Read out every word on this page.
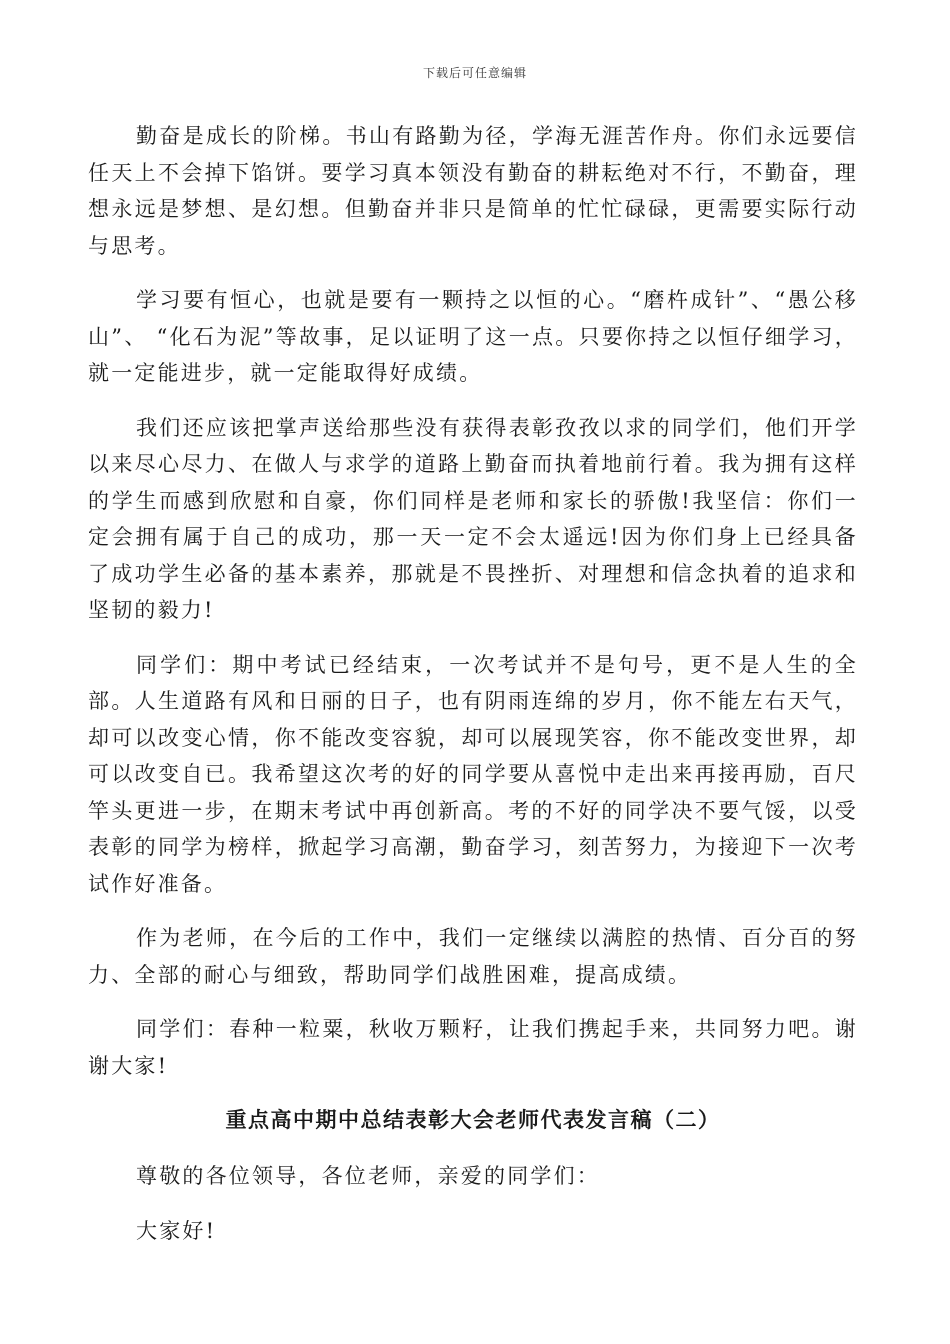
下载后可任意编辑

勤奋是成长的阶梯。书山有路勤为径，学海无涯苦作舟。你们永远要信任天上不会掉下馅饼。要学习真本领没有勤奋的耕耘绝对不行，不勤奋，理想永远是梦想、是幻想。但勤奋并非只是简单的忙忙碌碌，更需要实际行动与思考。

学习要有恒心，也就是要有一颗持之以恒的心。“磨杵成针”、“愚公移山”、 “化石为泥”等故事，足以证明了这一点。只要你持之以恒仔细学习，就一定能进步，就一定能取得好成绩。

我们还应该把掌声送给那些没有获得表彰孜孜以求的同学们，他们开学以来尽心尽力、在做人与求学的道路上勤奋而执着地前行着。我为拥有这样的学生而感到欣慰和自豪，你们同样是老师和家长的骄傲!我坚信：你们一定会拥有属于自己的成功，那一天一定不会太遥远!因为你们身上已经具备了成功学生必备的基本素养，那就是不畏挫折、对理想和信念执着的追求和坚韧的毅力!

同学们：期中考试已经结束，一次考试并不是句号，更不是人生的全部。人生道路有风和日丽的日子，也有阴雨连绵的岁月，你不能左右天气，却可以改变心情，你不能改变容貌，却可以展现笑容，你不能改变世界，却可以改变自已。我希望这次考的好的同学要从喜悦中走出来再接再励，百尺竿头更进一步，在期末考试中再创新高。考的不好的同学决不要气馁，以受表彰的同学为榜样，掀起学习高潮，勤奋学习，刻苦努力，为接迎下一次考试作好准备。

作为老师，在今后的工作中，我们一定继续以满腔的热情、百分百的努力、全部的耐心与细致，帮助同学们战胜困难，提高成绩。

同学们：春种一粒粟，秋收万颗籽，让我们携起手来，共同努力吧。谢谢大家!

重点高中期中总结表彰大会老师代表发言稿（二）

尊敬的各位领导，各位老师，亲爱的同学们：

大家好!
